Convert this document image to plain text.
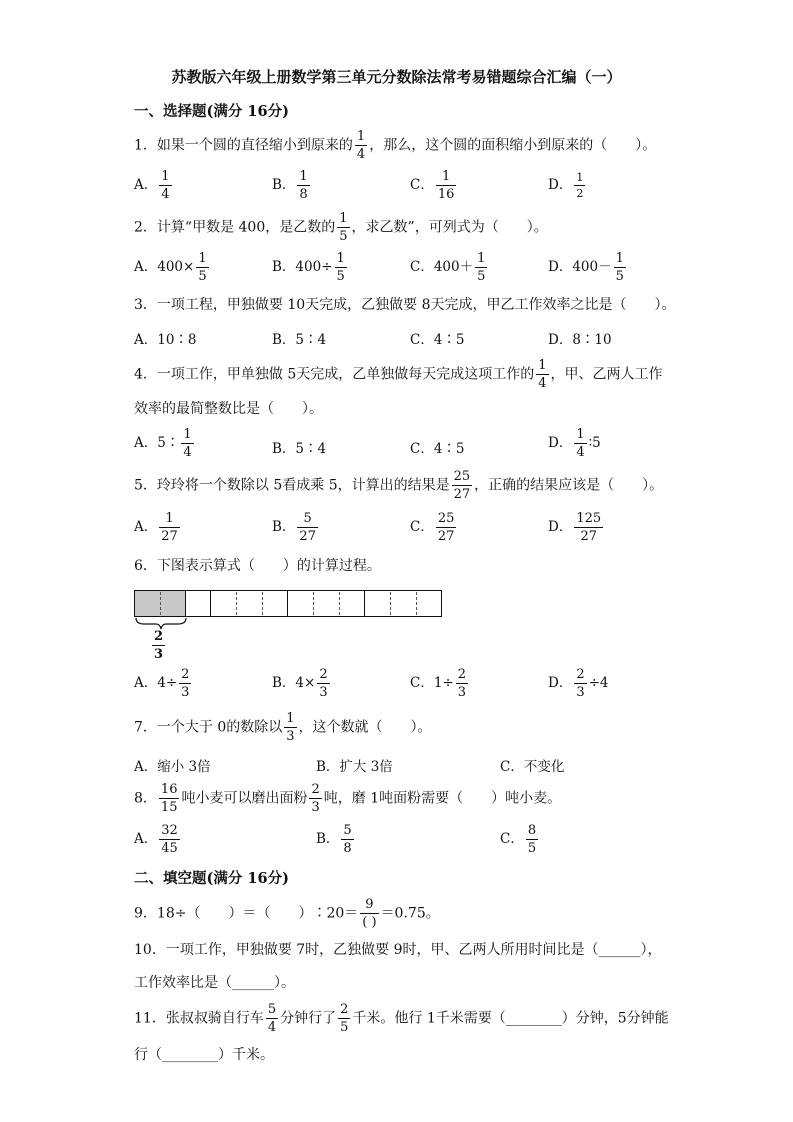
苏教版六年级上册数学第三单元分数除法常考易错题综合汇编（一）
一、选择题(满分 16分)
1．如果一个圆的直径缩小到原来的 $\frac{1}{4}$ ，那么，这个圆的面积缩小到原来的（　　）。
A． $\frac{1}{4}$	B． $\frac{1}{8}$	C． $\frac{1}{16}$	D． $\frac{1}{2}$
2．计算“甲数是 400，是乙数的 $\frac{1}{5}$ ，求乙数”，可列式为（　　）。
A．$400\times \frac{1}{5}$	B．$400\div \frac{1}{5}$	C．$400+ \frac{1}{5}$	D．$400- \frac{1}{5}$
3．一项工程，甲独做要 10天完成，乙独做要 8天完成，甲乙工作效率之比是（　　）。
A．10∶8	B．5∶4	C．4∶5	D．8∶10
4．一项工作，甲单独做 5天完成，乙单独做每天完成这项工作的 $\frac{1}{4}$ ，甲、乙两人工作
效率的最简整数比是（　　）。
A．5∶ $\frac{1}{4}$	B．5∶4	C．4∶5	D． $\frac{1}{4}$ ∶5
5．玲玲将一个数除以 5看成乘 5，计算出的结果是 $\frac{25}{27}$ ，正确的结果应该是（　　）。
A． $\frac{1}{27}$	B． $\frac{5}{27}$	C． $\frac{25}{27}$	D． $\frac{125}{27}$
6．下图表示算式（　　）的计算过程。
2
3
A．$4\div \frac{2}{3}$	B．$4\times \frac{2}{3}$	C．$1\div \frac{2}{3}$	D． $\frac{2}{3} \div 4$
7．一个大于 0的数除以 $\frac{1}{3}$ ，这个数就（　　）。
A．缩小 3倍	B．扩大 3倍	C．不变化
8． $\frac{16}{15}$ 吨小麦可以磨出面粉 $\frac{2}{3}$ 吨，磨 1吨面粉需要（　　）吨小麦。
A． $\frac{32}{45}$	B． $\frac{5}{8}$	C． $\frac{8}{5}$
二、填空题(满分 16分)
9．18÷（　　）＝（　　）∶20＝
9
( )
＝0.75。
10．一项工作，甲独做要 7时，乙独做要 9时，甲、乙两人所用时间比是（______），
工作效率比是（______）。
11．张叔叔骑自行车 $\frac{5}{4}$ 分钟行了 $\frac{2}{5}$ 千米。他行 1千米需要（________）分钟，5分钟能
行（________）千米。
